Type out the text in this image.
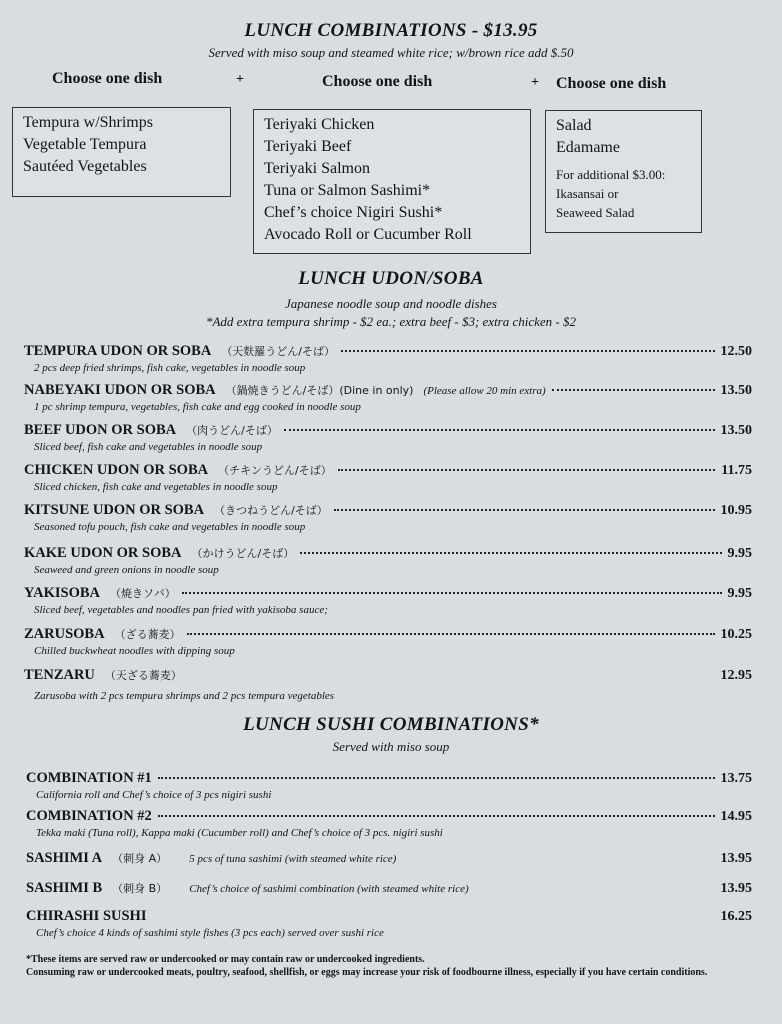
LUNCH COMBINATIONS - $13.95
Served with miso soup and steamed white rice; w/brown rice add $.50
Choose one dish	+	Choose one dish	+ Choose one dish
Tempura w/Shrimps
Vegetable Tempura
Sautéed Vegetables
Teriyaki Chicken
Teriyaki Beef
Teriyaki Salmon
Tuna or Salmon Sashimi*
Chef’s choice Nigiri Sushi*
Avocado Roll or Cucumber Roll
Salad
Edamame
For additional $3.00:
Ikasansai or
Seaweed Salad
LUNCH UDON/SOBA
Japanese noodle soup and noodle dishes
*Add extra tempura shrimp - $2 ea.; extra beef - $3; extra chicken - $2
TEMPURA UDON OR SOBA （天麩羅うどん/そば）	12.50
2 pcs deep fried shrimps, fish cake, vegetables in noodle soup
NABEYAKI UDON OR SOBA （鍋焼きうどん/そば）(Dine in only) (Please allow 20 min extra)	13.50
1 pc shrimp tempura, vegetables, fish cake and egg cooked in noodle soup
BEEF UDON OR SOBA （肉うどん/そば）	13.50
Sliced beef, fish cake and vegetables in noodle soup
CHICKEN UDON OR SOBA （チキンうどん/そば）	11.75
Sliced chicken, fish cake and vegetables in noodle soup
KITSUNE UDON OR SOBA （きつねうどん/そば）	10.95
Seasoned tofu pouch, fish cake and vegetables in noodle soup
KAKE UDON OR SOBA （かけうどん/そば）	9.95
Seaweed and green onions in noodle soup
YAKISOBA （焼きソバ）	9.95
Sliced beef, vegetables and noodles pan fried with yakisoba sauce;
ZARUSOBA （ざる蕎麦）	10.25
Chilled buckwheat noodles with dipping soup
TENZARU （天ざる蕎麦）	12.95
Zarusoba with 2 pcs tempura shrimps and 2 pcs tempura vegetables
LUNCH SUSHI COMBINATIONS*
Served with miso soup
COMBINATION #1	13.75
California roll and Chef’s choice of 3 pcs nigiri sushi
COMBINATION #2	14.95
Tekka maki (Tuna roll), Kappa maki (Cucumber roll) and Chef’s choice of 3 pcs. nigiri sushi
SASHIMI A （刺身 A） 5 pcs of tuna sashimi (with steamed white rice)	13.95
SASHIMI B （刺身 B） Chef’s choice of sashimi combination (with steamed white rice)	13.95
CHIRASHI SUSHI	16.25
Chef’s choice 4 kinds of sashimi style fishes (3 pcs each) served over sushi rice
*These items are served raw or undercooked or may contain raw or undercooked ingredients.
Consuming raw or undercooked meats, poultry, seafood, shellfish, or eggs may increase your risk of foodbourne illness, especially if you have certain conditions.
